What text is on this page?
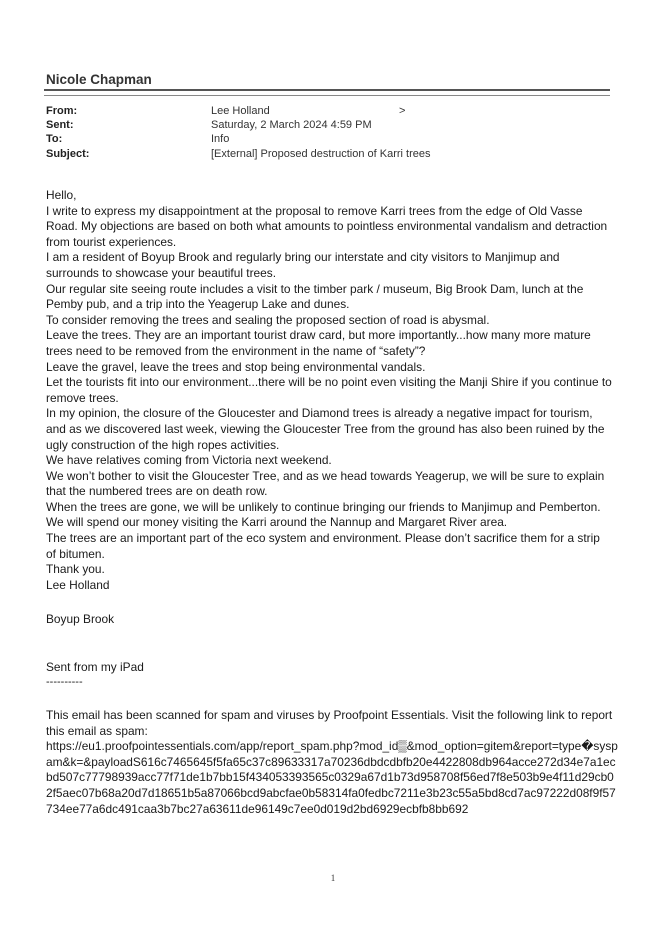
Nicole Chapman
From:	Lee Holland	>
Sent:	Saturday, 2 March 2024 4:59 PM
To:	Info
Subject:	[External] Proposed destruction of Karri trees

Hello,

I write to express my disappointment at the proposal to remove Karri trees from the edge of Old Vasse Road. My objections are based on both what amounts to pointless environmental vandalism and detraction from tourist experiences.

I am a resident of Boyup Brook and regularly bring our interstate and city visitors to Manjimup and surrounds to showcase your beautiful trees.

Our regular site seeing route includes a visit to the timber park / museum, Big Brook Dam, lunch at the Pemby pub, and a trip into the Yeagerup Lake and dunes.

To consider removing the trees and sealing the proposed section of road is abysmal.

Leave the trees. They are an important tourist draw card, but more importantly...how many more mature trees need to be removed from the environment in the name of “safety”?

Leave the gravel, leave the trees and stop being environmental vandals.

Let the tourists fit into our environment...there will be no point even visiting the Manji Shire if you continue to remove trees.

In my opinion, the closure of the Gloucester and Diamond trees is already a negative impact for tourism, and as we discovered last week, viewing the Gloucester Tree from the ground has also been ruined by the ugly construction of the high ropes activities.

We have relatives coming from Victoria next weekend.

We won’t bother to visit the Gloucester Tree, and as we head towards Yeagerup, we will be sure to explain that the numbered trees are on death row.

When the trees are gone, we will be unlikely to continue bringing our friends to Manjimup and Pemberton. We will spend our money visiting the Karri around the Nannup and Margaret River area.

The trees are an important part of the eco system and environment. Please don’t sacrifice them for a strip of bitumen.

Thank you.

Lee Holland

Boyup Brook
Sent from my iPad
----------

This email has been scanned for spam and viruses by Proofpoint Essentials. Visit the following link to report this email as spam:

https://eu1.proofpointessentials.com/app/report_spam.php?mod_id▒&mod_option=gitem&report=type�syspam&k=&payloadS616c7465645f5fa65c37c89633317a70236dbdcdbfb20e4422808db964acce272d34e7a1ecbd507c77798939acc77f71de1b7bb15f434053393565c0329a67d1b73d958708f56ed7f8e503b9e4f11d29cb02f5aec07b68a20d7d18651b5a87066bcd9abcfae0b58314fa0fedbc7211e3b23c55a5bd8cd7ac97222d08f9f57734ee77a6dc491caa3b7bc27a63611de96149c7ee0d019d2bd6929ecbfb8bb692

1
